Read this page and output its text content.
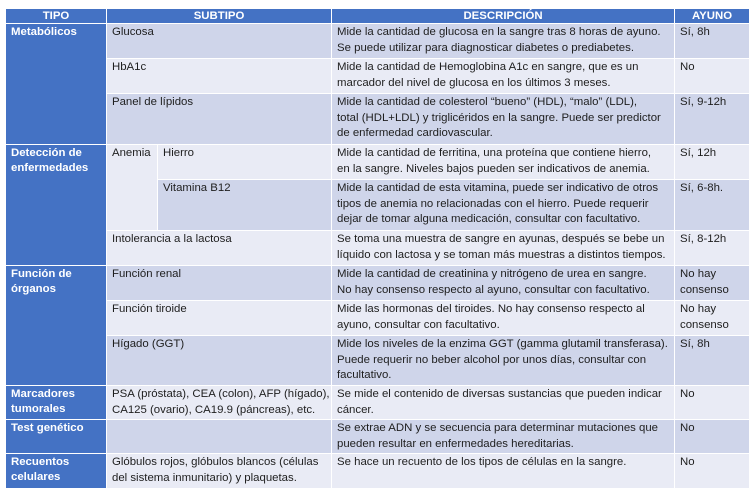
TIPO	SUBTIPO		DESCRIPCIÓN	AYUNO

Metabólicos	Glucosa		Mide la cantidad de glucosa en la sangre tras 8 horas de ayuno.
Se puede utilizar para diagnosticar diabetes o prediabetes.	Sí, 8h

	HbA1c		Mide la cantidad de Hemoglobina A1c en sangre, que es un
marcador del nivel de glucosa en los últimos 3 meses.	No

	Panel de lípidos		Mide la cantidad de colesterol “bueno” (HDL), “malo” (LDL),
total (HDL+LDL) y triglicéridos en la sangre. Puede ser predictor
de enfermedad cardiovascular.	Sí, 9-12h

Detección de
enfermedades	Anemia	Hierro	Mide la cantidad de ferritina, una proteína que contiene hierro,
en la sangre. Niveles bajos pueden ser indicativos de anemia.	Sí, 12h

		Vitamina B12	Mide la cantidad de esta vitamina, puede ser indicativo de otros
tipos de anemia no relacionadas con el hierro. Puede requerir
dejar de tomar alguna medicación, consultar con facultativo.	Sí, 6-8h.

	Intolerancia a la lactosa		Se toma una muestra de sangre en ayunas, después se bebe un
líquido con lactosa y se toman más muestras a distintos tiempos.	Sí, 8-12h

Función de
órganos	Función renal		Mide la cantidad de creatinina y nitrógeno de urea en sangre.
No hay consenso respecto al ayuno, consultar con facultativo.	No hay
consenso

	Función tiroide		Mide las hormonas del tiroides. No hay consenso respecto al
ayuno, consultar con facultativo.	No hay
consenso

	Hígado (GGT)		Mide los niveles de la enzima GGT (gamma glutamil transferasa).
Puede requerir no beber alcohol por unos días, consultar con
facultativo.	Sí, 8h

Marcadores
tumorales	PSA (próstata), CEA (colon), AFP (hígado),
CA125 (ovario), CA19.9 (páncreas), etc.		Se mide el contenido de diversas sustancias que pueden indicar
cáncer.	No

Test genético			Se extrae ADN y se secuencia para determinar mutaciones que
pueden resultar en enfermedades hereditarias.	No

Recuentos
celulares	Glóbulos rojos, glóbulos blancos (células
del sistema inmunitario) y plaquetas.		Se hace un recuento de los tipos de células en la sangre.	No
